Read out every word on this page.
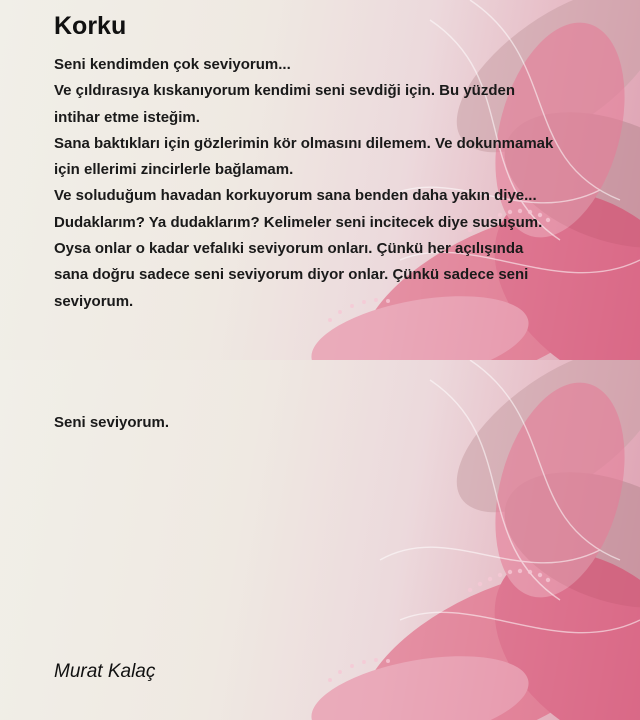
Korku
Seni kendimden çok seviyorum...
Ve çıldırasıya kıskanıyorum kendimi seni sevdiği için. Bu yüzden
intihar etme isteğim.
Sana baktıkları için gözlerimin kör olmasını dilemem. Ve dokunmamak
için ellerimi zincirlerle bağlamam.
Ve soluduğum havadan korkuyorum sana benden daha yakın diye...
Dudaklarım? Ya dudaklarım? Kelimeler seni incitecek diye susuşum.
Oysa onlar o kadar vefalıki seviyorum onları. Çünkü her açılışında
sana doğru sadece seni seviyorum diyor onlar. Çünkü sadece seni
seviyorum.

Seni seviyorum.

Murat Kalaç
